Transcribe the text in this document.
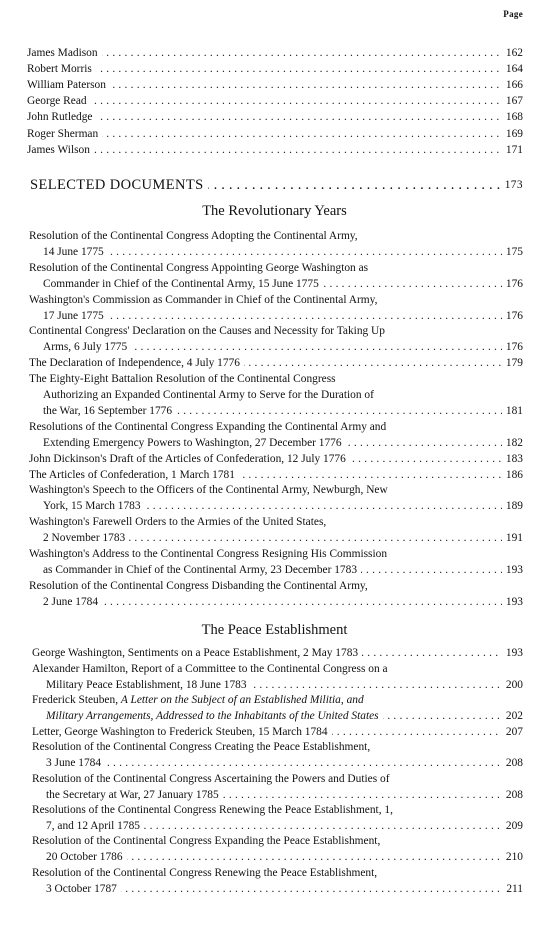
Page
James Madison	162
. . .
Robert Morris	164
. . .
William Paterson	166
. . .
George Read	167
. . .
John Rutledge	168
. . .
Roger Sherman	169
. . .
James Wilson	171
. . .
SELECTED DOCUMENTS	173
. . .
The Revolutionary Years
Resolution of the Continental Congress Adopting the Continental Army,
14 June 1775	175
. . .
Resolution of the Continental Congress Appointing George Washington as
Commander in Chief of the Continental Army, 15 June 1775	176
. . .
Washington's Commission as Commander in Chief of the Continental Army,
17 June 1775	176
. . .
Continental Congress' Declaration on the Causes and Necessity for Taking Up
Arms, 6 July 1775	176
. . .
The Declaration of Independence, 4 July 1776	179
. . .
The Eighty-Eight Battalion Resolution of the Continental Congress
Authorizing an Expanded Continental Army to Serve for the Duration of
the War, 16 September 1776	181
. . .
Resolutions of the Continental Congress Expanding the Continental Army and
Extending Emergency Powers to Washington, 27 December 1776	182
. . .
John Dickinson's Draft of the Articles of Confederation, 12 July 1776	183
. . .
The Articles of Confederation, 1 March 1781	186
. . .
Washington's Speech to the Officers of the Continental Army, Newburgh, New
York, 15 March 1783	189
. . .
Washington's Farewell Orders to the Armies of the United States,
2 November 1783	191
. . .
Washington's Address to the Continental Congress Resigning His Commission
as Commander in Chief of the Continental Army, 23 December 1783	193
. . .
Resolution of the Continental Congress Disbanding the Continental Army,
2 June 1784	193
. . .
The Peace Establishment
George Washington, Sentiments on a Peace Establishment, 2 May 1783	193
. . .
Alexander Hamilton, Report of a Committee to the Continental Congress on a
Military Peace Establishment, 18 June 1783	200
. . .
Frederick Steuben, A Letter on the Subject of an Established Militia, and
Military Arrangements, Addressed to the Inhabitants of the United States	202
. . .
Letter, George Washington to Frederick Steuben, 15 March 1784	207
. . .
Resolution of the Continental Congress Creating the Peace Establishment,
3 June 1784	208
. . .
Resolution of the Continental Congress Ascertaining the Powers and Duties of
the Secretary at War, 27 January 1785	208
. . .
Resolutions of the Continental Congress Renewing the Peace Establishment, 1,
7, and 12 April 1785	209
. . .
Resolution of the Continental Congress Expanding the Peace Establishment,
20 October 1786	210
. . .
Resolution of the Continental Congress Renewing the Peace Establishment,
3 October 1787	211
. . .
